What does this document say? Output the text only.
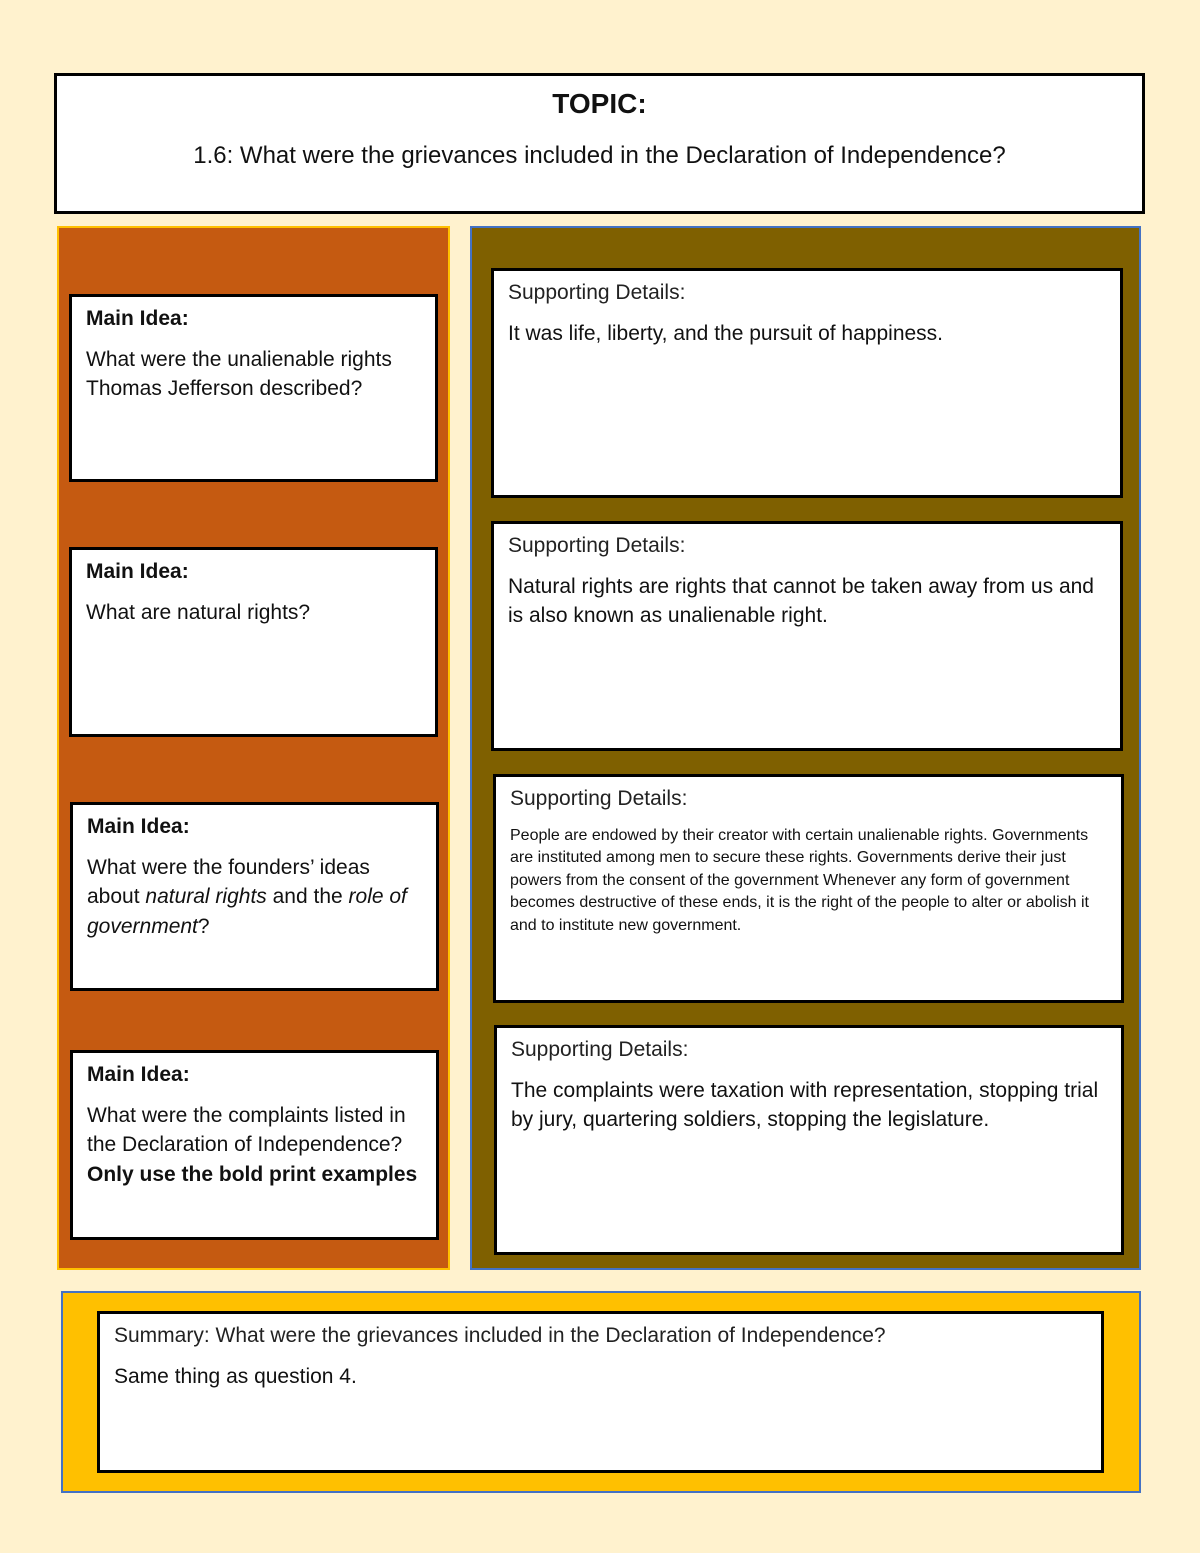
TOPIC:
1.6: What were the grievances included in the Declaration of Independence?
Main Idea:
What were the unalienable rights Thomas Jefferson described?
Main Idea:
What are natural rights?
Main Idea:
What were the founders’ ideas about natural rights and the role of government?
Main Idea:
What were the complaints listed in the Declaration of Independence? Only use the bold print examples
Supporting Details:
It was life, liberty, and the pursuit of happiness.
Supporting Details:
Natural rights are rights that cannot be taken away from us and is also known as unalienable right.
Supporting Details:
People are endowed by their creator with certain unalienable rights. Governments are instituted among men to secure these rights. Governments derive their just powers from the consent of the government Whenever any form of government becomes destructive of these ends, it is the right of the people to alter or abolish it and to institute new government.
Supporting Details:
The complaints were taxation with representation, stopping trial by jury, quartering soldiers, stopping the legislature.
Summary: What were the grievances included in the Declaration of Independence?
Same thing as question 4.
